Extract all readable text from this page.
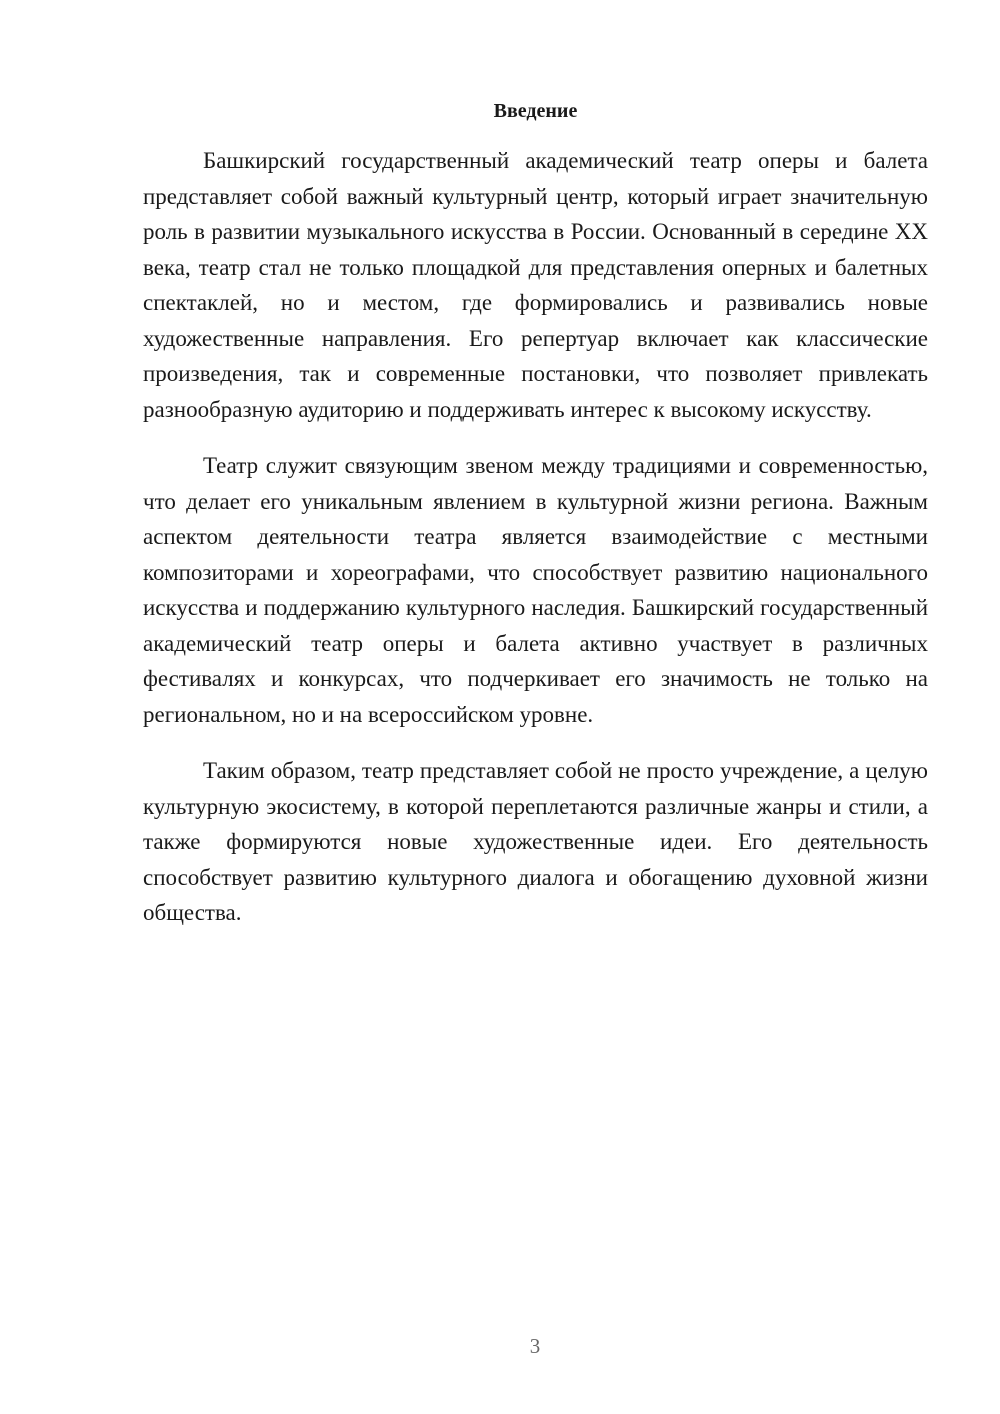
Введение

Башкирский государственный академический театр оперы и балета представляет собой важный культурный центр, который играет значительную роль в развитии музыкального искусства в России. Основанный в середине XX века, театр стал не только площадкой для представления оперных и балетных спектаклей, но и местом, где формировались и развивались новые художественные направления. Его репертуар включает как классические произведения, так и современные постановки, что позволяет привлекать разнообразную аудиторию и поддерживать интерес к высокому искусству.

Театр служит связующим звеном между традициями и современностью, что делает его уникальным явлением в культурной жизни региона. Важным аспектом деятельности театра является взаимодействие с местными композиторами и хореографами, что способствует развитию национального искусства и поддержанию культурного наследия. Башкирский государственный академический театр оперы и балета активно участвует в различных фестивалях и конкурсах, что подчеркивает его значимость не только на региональном, но и на всероссийском уровне.

Таким образом, театр представляет собой не просто учреждение, а целую культурную экосистему, в которой переплетаются различные жанры и стили, а также формируются новые художественные идеи. Его деятельность способствует развитию культурного диалога и обогащению духовной жизни общества.

3
